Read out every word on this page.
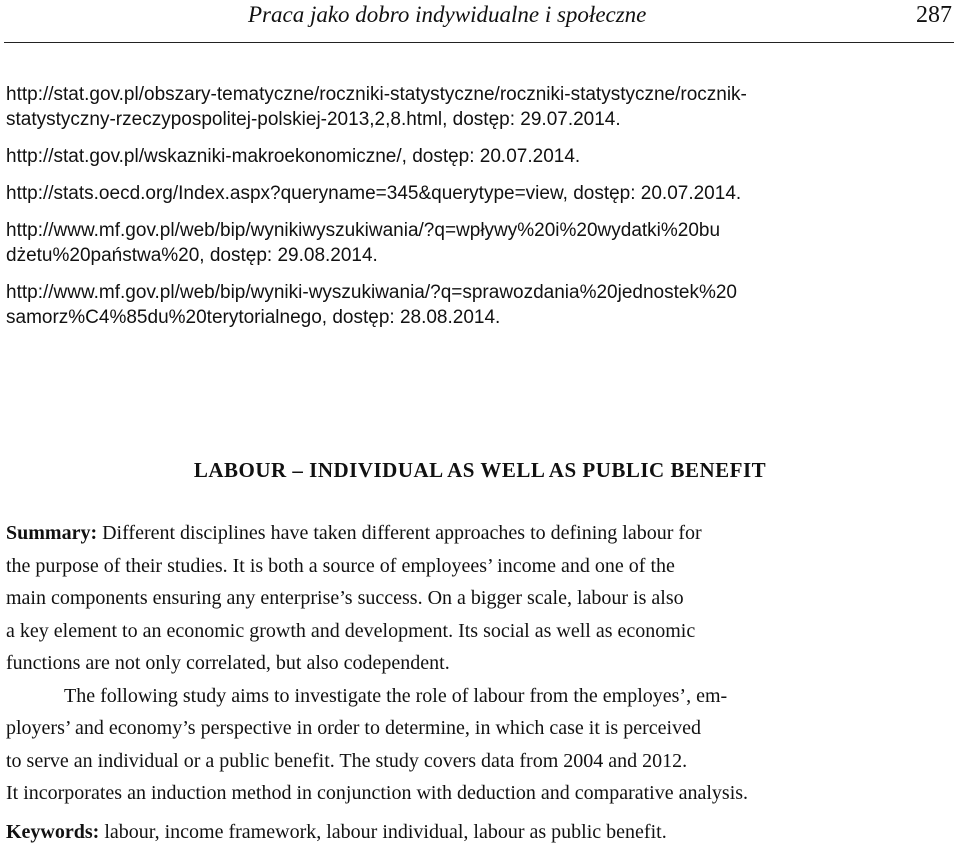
Praca jako dobro indywidualne i społeczne	287
http://stat.gov.pl/obszary-tematyczne/roczniki-statystyczne/roczniki-statystyczne/rocznik-
statystyczny-rzeczypospolitej-polskiej-2013,2,8.html, dostęp: 29.07.2014.
http://stat.gov.pl/wskazniki-makroekonomiczne/, dostęp: 20.07.2014.
http://stats.oecd.org/Index.aspx?queryname=345&querytype=view, dostęp: 20.07.2014.
http://www.mf.gov.pl/web/bip/wynikiwyszukiwania/?q=wpływy%20i%20wydatki%20bu
dżetu%20państwa%20, dostęp: 29.08.2014.
http://www.mf.gov.pl/web/bip/wyniki-wyszukiwania/?q=sprawozdania%20jednostek%20
samorz%C4%85du%20terytorialnego, dostęp: 28.08.2014.
LABOUR – INDIVIDUAL AS WELL AS PUBLIC BENEFIT

Summary: Different disciplines have taken different approaches to defining labour for
the purpose of their studies. It is both a source of employees’ income and one of the
main components ensuring any enterprise’s success. On a bigger scale, labour is also
a key element to an economic growth and development. Its social as well as economic
functions are not only correlated, but also codependent.

The following study aims to investigate the role of labour from the employes’, em-
ployers’ and economy’s perspective in order to determine, in which case it is perceived
to serve an individual or a public benefit. The study covers data from 2004 and 2012.
It incorporates an induction method in conjunction with deduction and comparative analysis.

Keywords: labour, income framework, labour individual, labour as public benefit.
